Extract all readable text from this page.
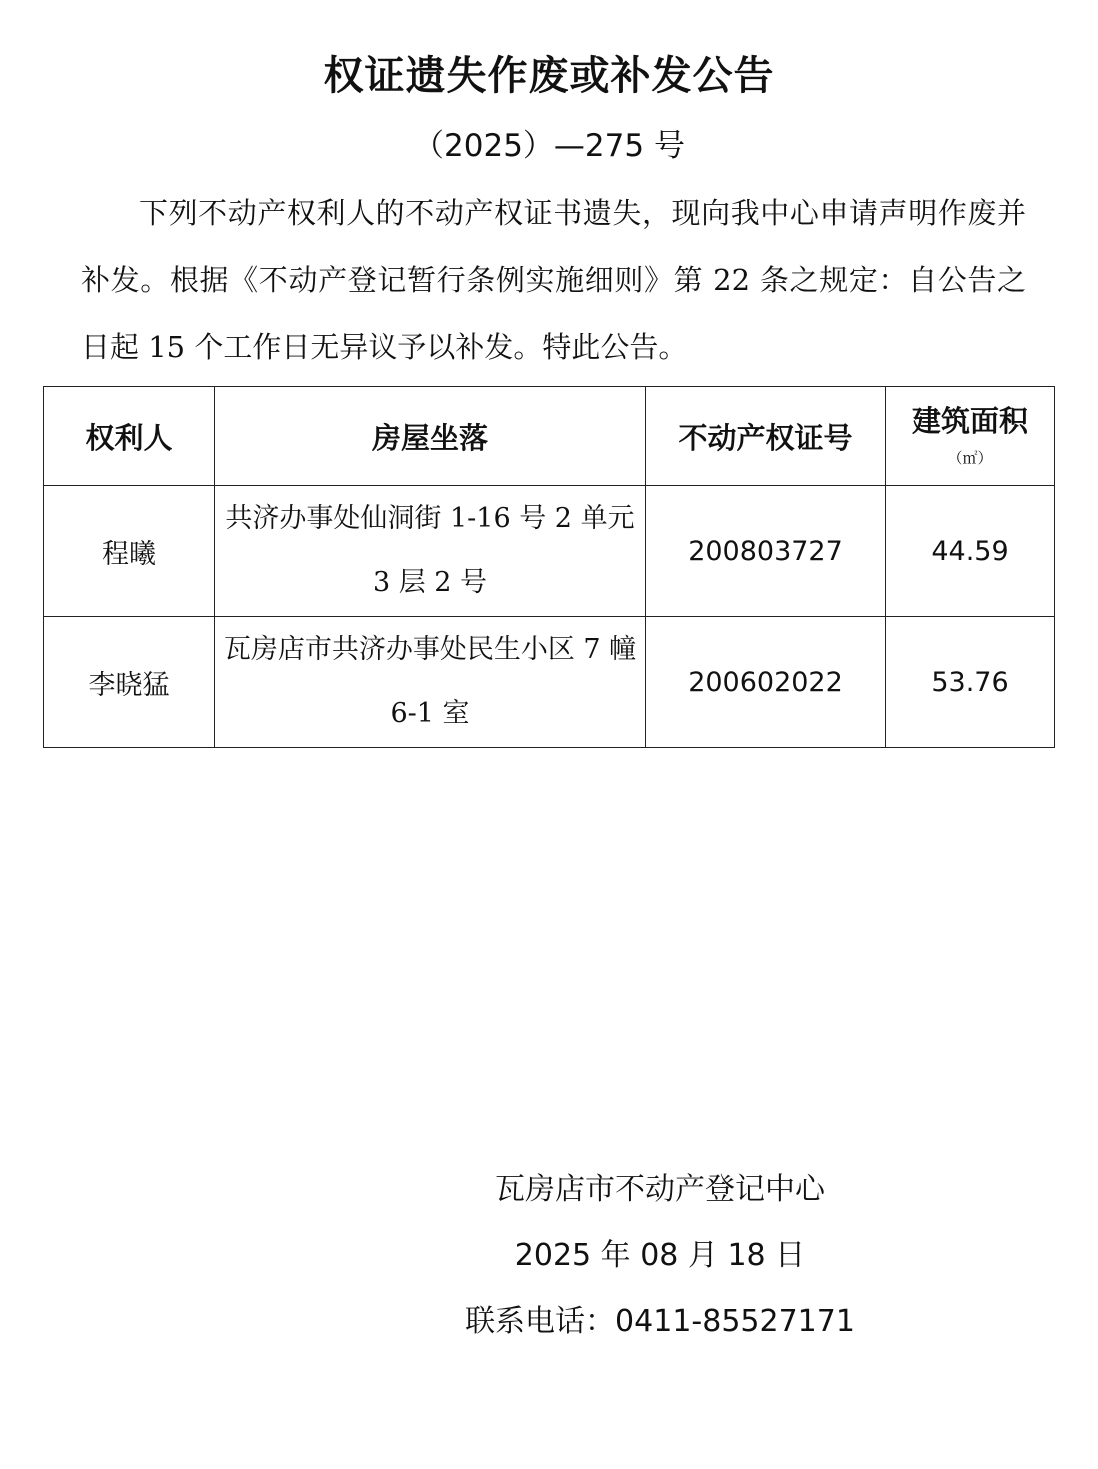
权证遗失作废或补发公告
（2025）—275 号
下列不动产权利人的不动产权证书遗失，现向我中心申请声明作废并补发。根据《不动产登记暂行条例实施细则》第 22 条之规定：自公告之日起 15 个工作日无异议予以补发。特此公告。
权利人	房屋坐落	不动产权证号	建筑面积
（㎡）

程曦	共济办事处仙洞街 1-16 号 2 单元 3 层 2 号	200803727	44.59
李晓猛	瓦房店市共济办事处民生小区 7 幢 6-1 室	200602022	53.76
瓦房店市不动产登记中心
2025 年 08 月 18 日
联系电话：0411-85527171
